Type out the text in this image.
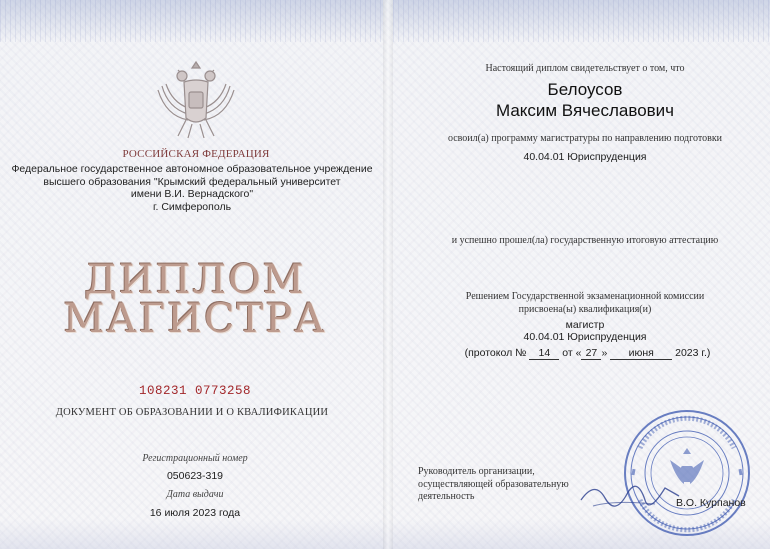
РОССИЙСКАЯ ФЕДЕРАЦИЯ
Федеральное государственное автономное образовательное учреждение
высшего образования "Крымский федеральный университет
имени В.И. Вернадского"
г. Симферополь
ДИПЛОМ
МАГИСТРА
108231 0773258
ДОКУМЕНТ ОБ ОБРАЗОВАНИИ И О КВАЛИФИКАЦИИ
Регистрационный номер
050623-319
Дата выдачи
16 июля 2023 года
Настоящий диплом свидетельствует о том, что
Белоусов
Максим Вячеславович
освоил(а) программу магистратуры по направлению подготовки
40.04.01 Юриспруденция
и успешно прошел(ла) государственную итоговую аттестацию
Решением Государственной экзаменационной комиссии
присвоена(ы) квалификация(и)
магистр
40.04.01 Юриспруденция
(протокол № 14 от « 27 » июня 2023 г.)
Руководитель организации,
осуществляющей образовательную
деятельность
В.О. Курпанов
